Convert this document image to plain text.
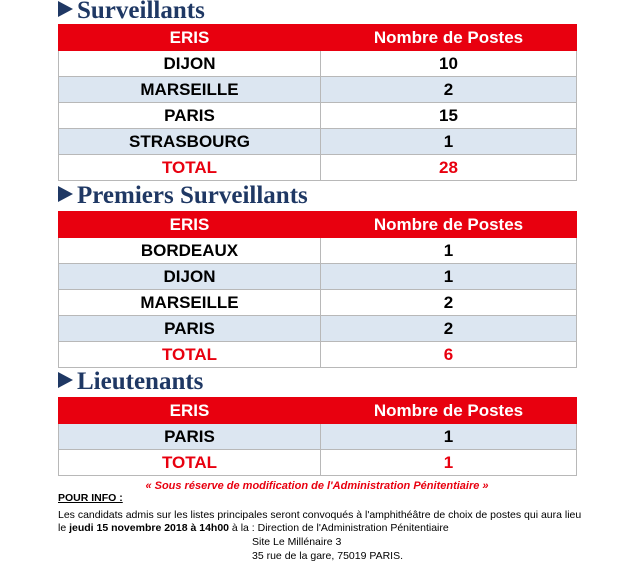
Surveillants
ERIS	Nombre de Postes
DIJON	10
MARSEILLE	2
PARIS	15
STRASBOURG	1
TOTAL	28
Premiers Surveillants
ERIS	Nombre de Postes
BORDEAUX	1
DIJON	1
MARSEILLE	2
PARIS	2
TOTAL	6
Lieutenants
ERIS	Nombre de Postes
PARIS	1
TOTAL	1
« Sous réserve de modification de l'Administration Pénitentiaire »
POUR INFO :
Les candidats admis sur les listes principales seront convoqués à l'amphithéâtre de choix de postes qui aura lieu
le jeudi 15 novembre 2018 à 14h00 à la : Direction de l'Administration Pénitentiaire
Site Le Millénaire 3
35 rue de la gare, 75019 PARIS.
